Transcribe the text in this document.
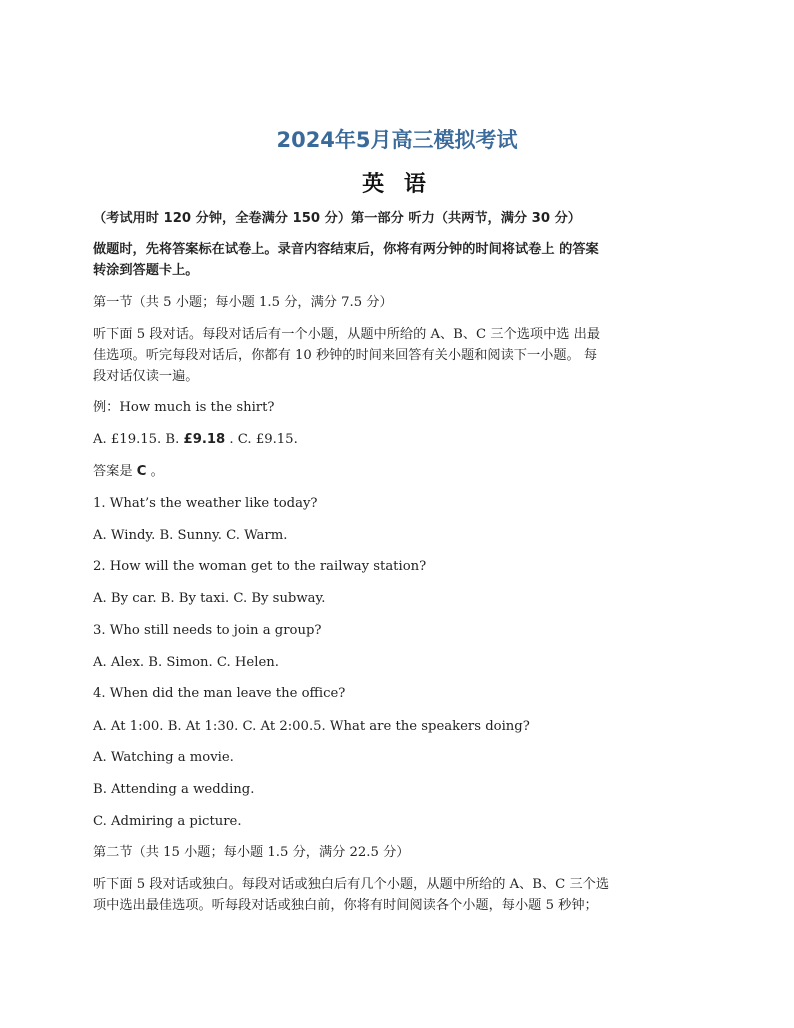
2024年5月高三模拟考试
英 语
（考试用时 120 分钟，全卷满分 150 分）第一部分 听力（共两节，满分 30 分）
做题时，先将答案标在试卷上。录音内容结束后，你将有两分钟的时间将试卷上 的答案
转涂到答题卡上。
第一节（共 5 小题；每小题 1.5 分，满分 7.5 分）
听下面 5 段对话。每段对话后有一个小题，从题中所给的 A、B、C 三个选项中选 出最
佳选项。听完每段对话后，你都有 10 秒钟的时间来回答有关小题和阅读下一小题。 每
段对话仅读一遍。
例：How much is the shirt?
A. £19.15. B. £9.18 . C. £9.15.
答案是 C 。
1. What’s the weather like today?
A. Windy. B. Sunny. C. Warm.
2. How will the woman get to the railway station?
A. By car. B. By taxi. C. By subway.
3. Who still needs to join a group?
A. Alex. B. Simon. C. Helen.
4. When did the man leave the office?
A. At 1:00. B. At 1:30. C. At 2:00.5. What are the speakers doing?
A. Watching a movie.
B. Attending a wedding.
C. Admiring a picture.
第二节（共 15 小题；每小题 1.5 分，满分 22.5 分）
听下面 5 段对话或独白。每段对话或独白后有几个小题，从题中所给的 A、B、C 三个选
项中选出最佳选项。听每段对话或独白前，你将有时间阅读各个小题，每小题 5 秒钟；
